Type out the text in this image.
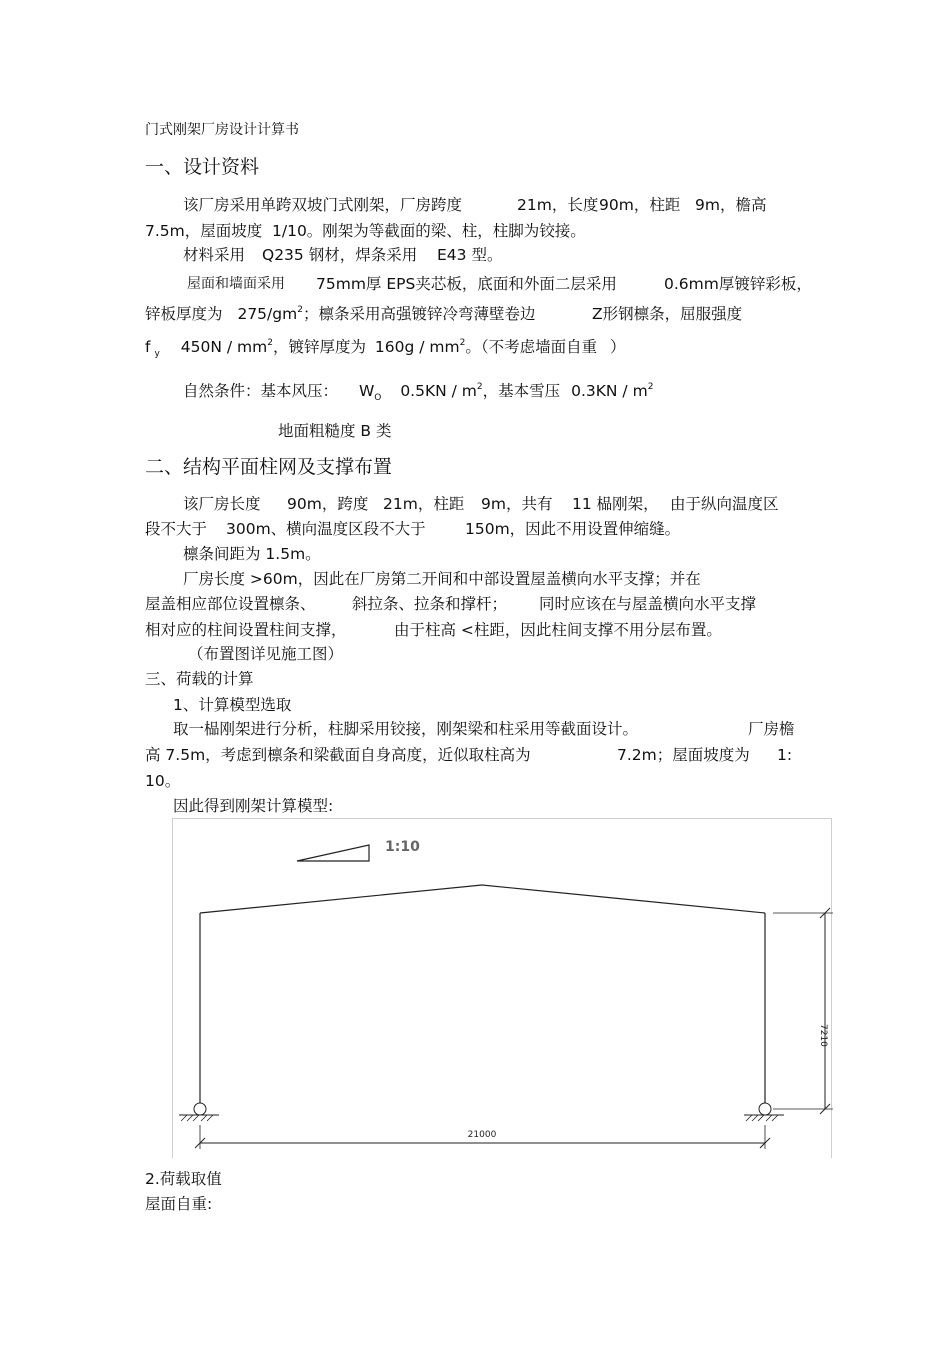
门式刚架厂房设计计算书
一、设计资料
该厂房采用单跨双坡门式刚架，厂房跨度	21m，长度 90m，柱距 9m，檐高
7.5m，屋面坡度 1/10。刚架为等截面的梁、柱，柱脚为铰接。
材料采用 Q235 钢材，焊条采用 E43 型。
屋面和墙面采用 75mm厚 EPS夹芯板，底面和外面二层采用	0.6mm厚镀锌彩板，
锌板厚度为 $275/gm^2$；檩条采用高强镀锌冷弯薄壁卷边	Z形钢檩条，屈服强度
f $_y$ $450N / mm^2$，镀锌厚度为 $160g / mm^2$。（不考虑墙面自重 ）
自然条件：基本风压： $W_O$ $0.5KN / m^2$，基本雪压 $0.3KN / m^2$
地面粗糙度 B 类
二、结构平面柱网及支撑布置
该厂房长度 90m，跨度 21m，柱距 9m，共有 11 榀刚架， 由于纵向温度区
段不大于 300m、横向温度区段不大于	150m，因此不用设置伸缩缝。
檩条间距为 1.5m。
厂房长度 >60m，因此在厂房第二开间和中部设置屋盖横向水平支撑；并在
屋盖相应部位设置檩条、 斜拉条、拉条和撑杆； 同时应该在与屋盖横向水平支撑
相对应的柱间设置柱间支撑，	由于柱高 <柱距，因此柱间支撑不用分层布置。
（布置图详见施工图）
三、荷载的计算
1、计算模型选取
取一榀刚架进行分析，柱脚采用铰接，刚架梁和柱采用等截面设计。	厂房檐
高 7.5m，考虑到檩条和梁截面自身高度，近似取柱高为	7.2m；屋面坡度为 1:
10。
因此得到刚架计算模型:
1:10
7210
21000
2.荷载取值
屋面自重:
